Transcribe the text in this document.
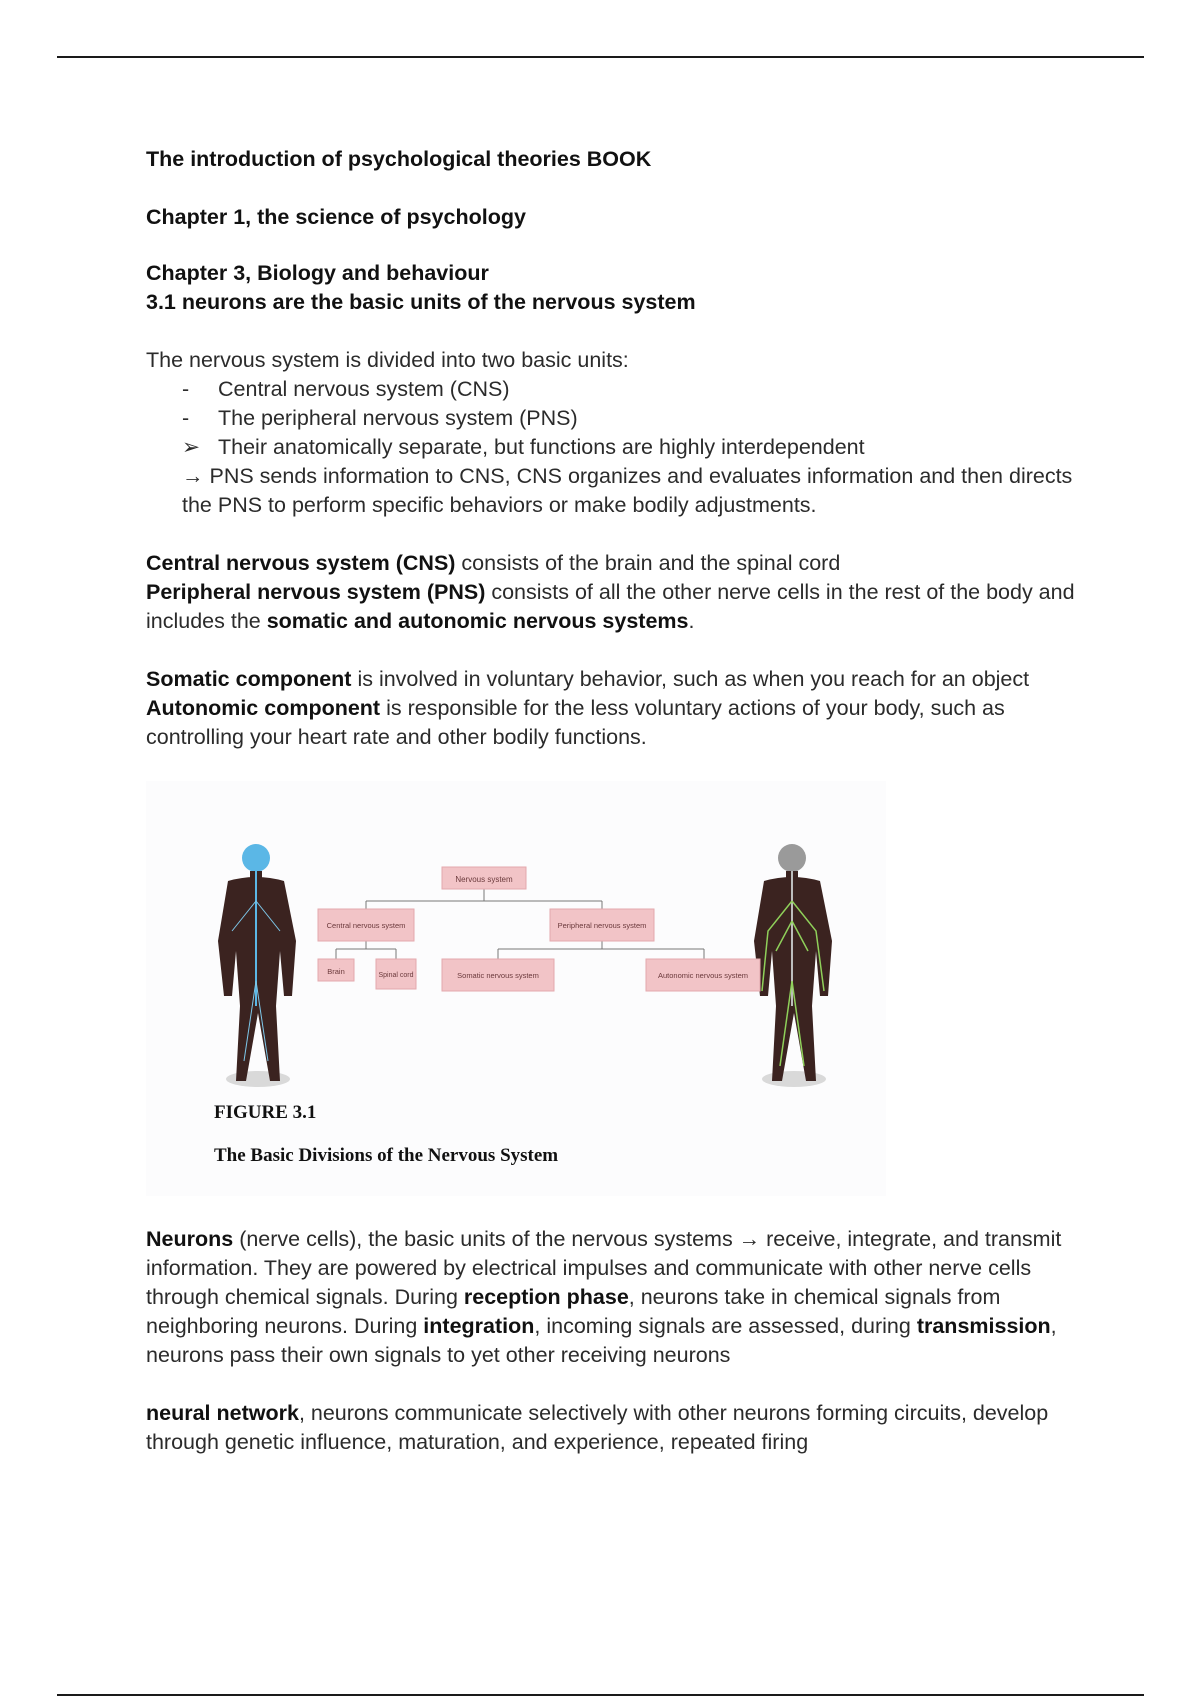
The introduction of psychological theories BOOK

Chapter 1, the science of psychology

Chapter 3, Biology and behaviour

3.1 neurons are the basic units of the nervous system

The nervous system is divided into two basic units:

-	Central nervous system (CNS)
-	The peripheral nervous system (PNS)
➢ Their anatomically separate, but functions are highly interdependent

→ PNS sends information to CNS, CNS organizes and evaluates information and then directs the PNS to perform specific behaviors or make bodily adjustments.

Central nervous system (CNS) consists of the brain and the spinal cord

Peripheral nervous system (PNS) consists of all the other nerve cells in the rest of the body and includes the somatic and autonomic nervous systems.

Somatic component is involved in voluntary behavior, such as when you reach for an object

Autonomic component is responsible for the less voluntary actions of your body, such as controlling your heart rate and other bodily functions.

Nervous system
Central nervous system	Peripheral nervous system
Brain	Spinal cord	Somatic nervous system	Autonomic nervous system
FIGURE 3.1
The Basic Divisions of the Nervous System

Neurons (nerve cells), the basic units of the nervous systems → receive, integrate, and transmit information. They are powered by electrical impulses and communicate with other nerve cells through chemical signals. During reception phase, neurons take in chemical signals from neighboring neurons. During integration, incoming signals are assessed, during transmission, neurons pass their own signals to yet other receiving neurons

neural network, neurons communicate selectively with other neurons forming circuits, develop through genetic influence, maturation, and experience, repeated firing
